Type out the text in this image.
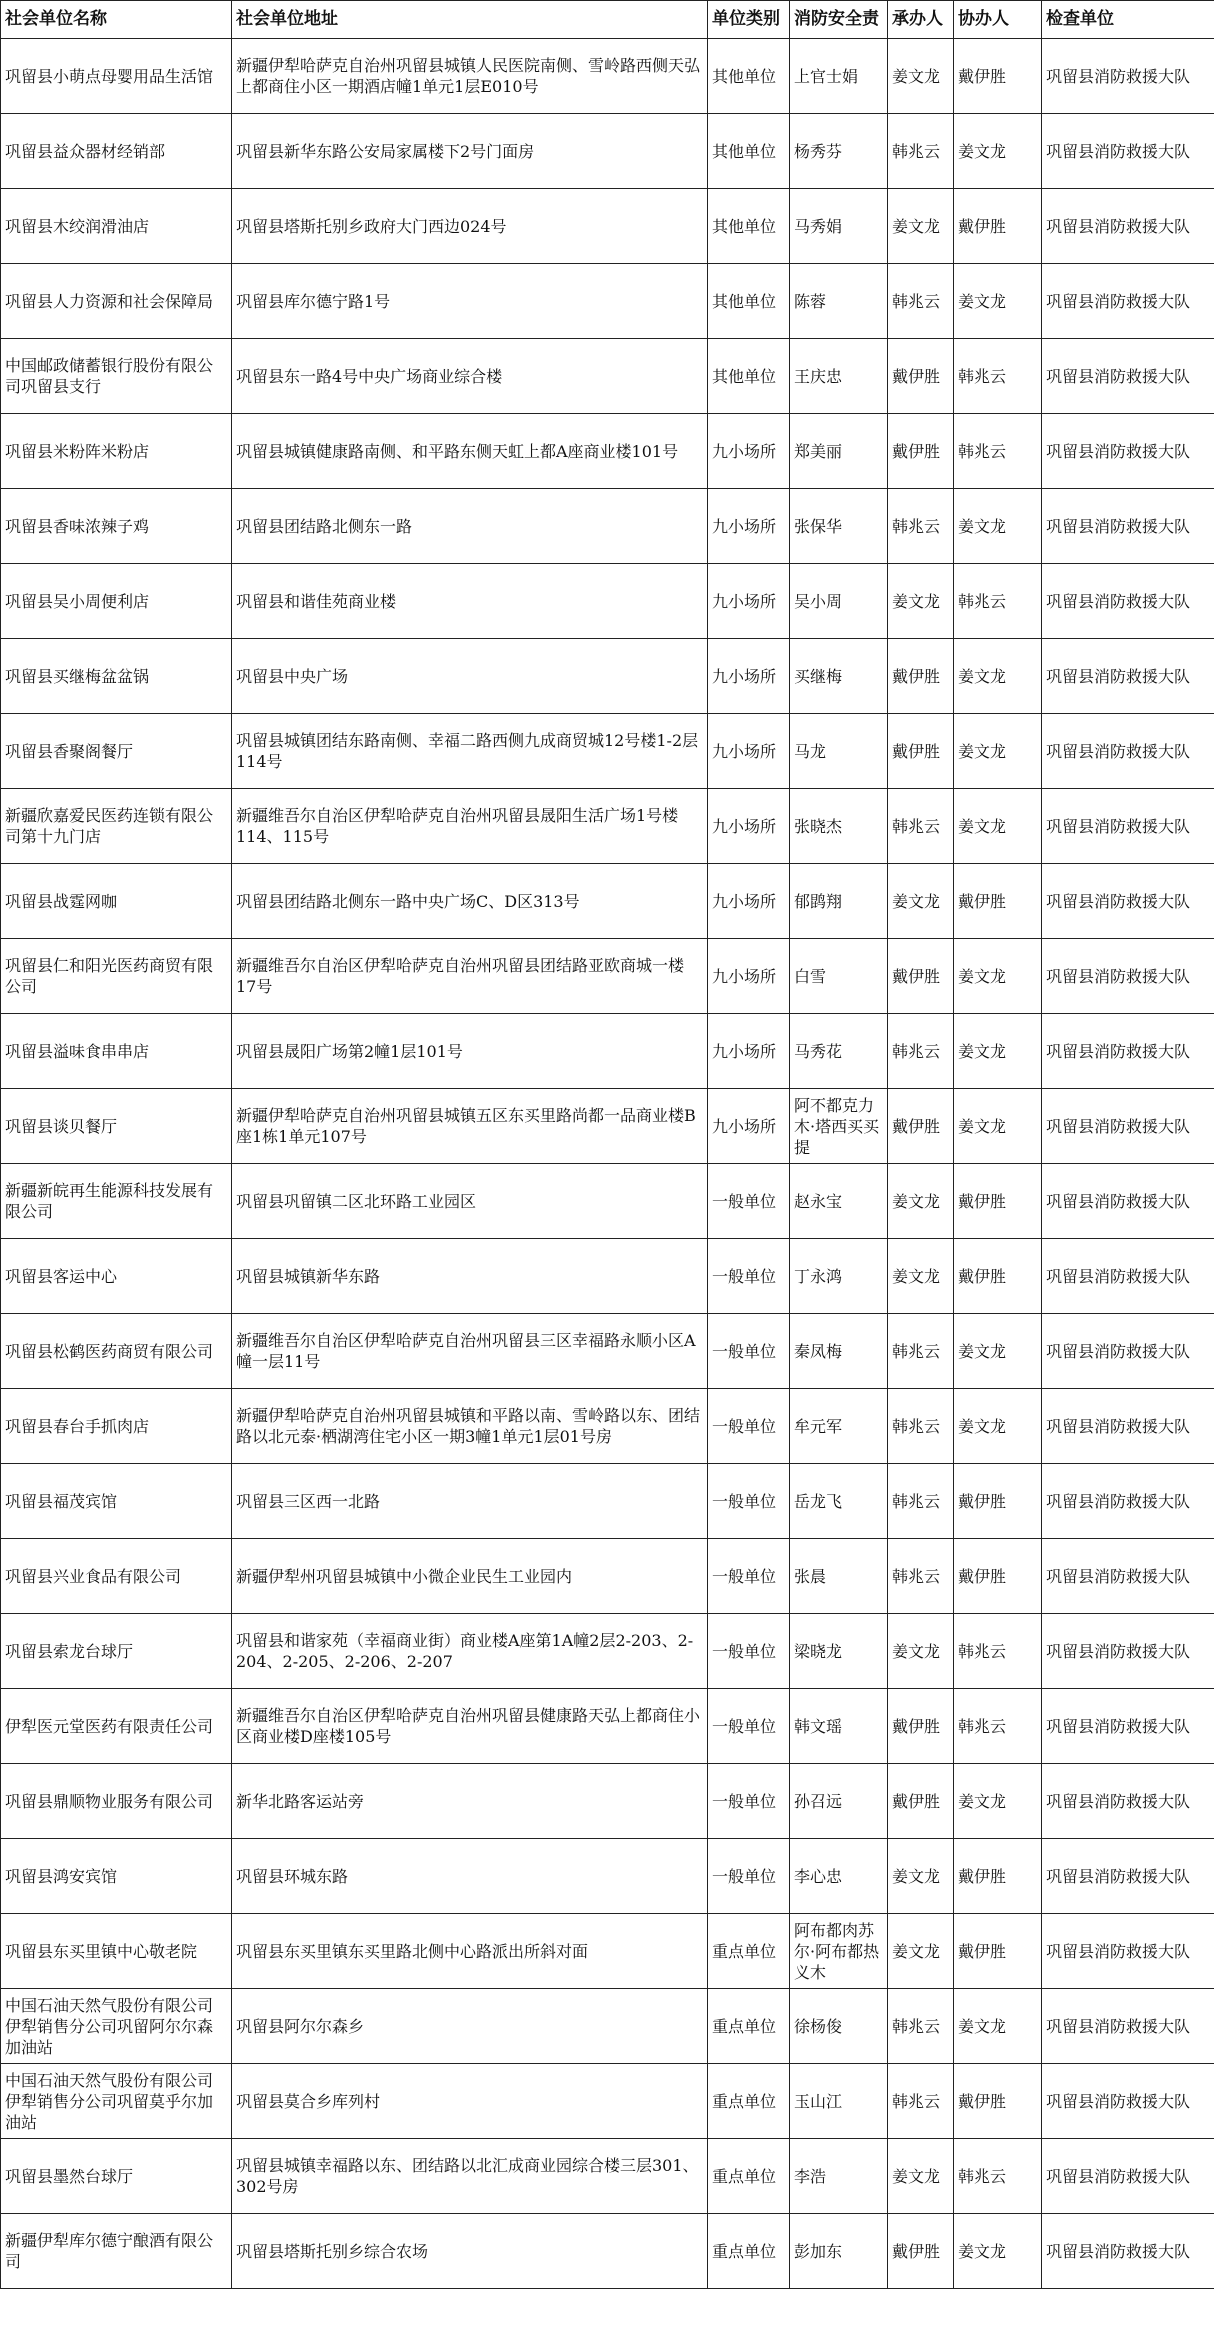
社会单位名称	社会单位地址	单位类别	消防安全责	承办人	协办人	检查单位
巩留县小萌点母婴用品生活馆	新疆伊犁哈萨克自治州巩留县城镇人民医院南侧、雪岭路西侧天弘上都商住小区一期酒店幢1单元1层E010号	其他单位	上官士娟	姜文龙	戴伊胜	巩留县消防救援大队
巩留县益众器材经销部	巩留县新华东路公安局家属楼下2号门面房	其他单位	杨秀芬	韩兆云	姜文龙	巩留县消防救援大队
巩留县木绞润滑油店	巩留县塔斯托别乡政府大门西边024号	其他单位	马秀娟	姜文龙	戴伊胜	巩留县消防救援大队
巩留县人力资源和社会保障局	巩留县库尔德宁路1号	其他单位	陈蓉	韩兆云	姜文龙	巩留县消防救援大队
中国邮政储蓄银行股份有限公司巩留县支行	巩留县东一路4号中央广场商业综合楼	其他单位	王庆忠	戴伊胜	韩兆云	巩留县消防救援大队
巩留县米粉阵米粉店	巩留县城镇健康路南侧、和平路东侧天虹上都A座商业楼101号	九小场所	郑美丽	戴伊胜	韩兆云	巩留县消防救援大队
巩留县香味浓辣子鸡	巩留县团结路北侧东一路	九小场所	张保华	韩兆云	姜文龙	巩留县消防救援大队
巩留县吴小周便利店	巩留县和谐佳苑商业楼	九小场所	吴小周	姜文龙	韩兆云	巩留县消防救援大队
巩留县买继梅盆盆锅	巩留县中央广场	九小场所	买继梅	戴伊胜	姜文龙	巩留县消防救援大队
巩留县香聚阁餐厅	巩留县城镇团结东路南侧、幸福二路西侧九成商贸城12号楼1-2层114号	九小场所	马龙	戴伊胜	姜文龙	巩留县消防救援大队
新疆欣嘉爱民医药连锁有限公司第十九门店	新疆维吾尔自治区伊犁哈萨克自治州巩留县晟阳生活广场1号楼114、115号	九小场所	张晓杰	韩兆云	姜文龙	巩留县消防救援大队
巩留县战霆网咖	巩留县团结路北侧东一路中央广场C、D区313号	九小场所	郁鹍翔	姜文龙	戴伊胜	巩留县消防救援大队
巩留县仁和阳光医药商贸有限公司	新疆维吾尔自治区伊犁哈萨克自治州巩留县团结路亚欧商城一楼17号	九小场所	白雪	戴伊胜	姜文龙	巩留县消防救援大队
巩留县溢味食串串店	巩留县晟阳广场第2幢1层101号	九小场所	马秀花	韩兆云	姜文龙	巩留县消防救援大队
巩留县谈贝餐厅	新疆伊犁哈萨克自治州巩留县城镇五区东买里路尚都一品商业楼B座1栋1单元107号	九小场所	阿不都克力木·塔西买买提	戴伊胜	姜文龙	巩留县消防救援大队
新疆新皖再生能源科技发展有限公司	巩留县巩留镇二区北环路工业园区	一般单位	赵永宝	姜文龙	戴伊胜	巩留县消防救援大队
巩留县客运中心	巩留县城镇新华东路	一般单位	丁永鸿	姜文龙	戴伊胜	巩留县消防救援大队
巩留县松鹤医药商贸有限公司	新疆维吾尔自治区伊犁哈萨克自治州巩留县三区幸福路永顺小区A幢一层11号	一般单位	秦凤梅	韩兆云	姜文龙	巩留县消防救援大队
巩留县春台手抓肉店	新疆伊犁哈萨克自治州巩留县城镇和平路以南、雪岭路以东、团结路以北元泰·栖湖湾住宅小区一期3幢1单元1层01号房	一般单位	牟元军	韩兆云	姜文龙	巩留县消防救援大队
巩留县福茂宾馆	巩留县三区西一北路	一般单位	岳龙飞	韩兆云	戴伊胜	巩留县消防救援大队
巩留县兴业食品有限公司	新疆伊犁州巩留县城镇中小微企业民生工业园内	一般单位	张晨	韩兆云	戴伊胜	巩留县消防救援大队
巩留县索龙台球厅	巩留县和谐家苑（幸福商业街）商业楼A座第1A幢2层2-203、2-204、2-205、2-206、2-207	一般单位	梁晓龙	姜文龙	韩兆云	巩留县消防救援大队
伊犁医元堂医药有限责任公司	新疆维吾尔自治区伊犁哈萨克自治州巩留县健康路天弘上都商住小区商业楼D座楼105号	一般单位	韩文瑶	戴伊胜	韩兆云	巩留县消防救援大队
巩留县鼎顺物业服务有限公司	新华北路客运站旁	一般单位	孙召远	戴伊胜	姜文龙	巩留县消防救援大队
巩留县鸿安宾馆	巩留县环城东路	一般单位	李心忠	姜文龙	戴伊胜	巩留县消防救援大队
巩留县东买里镇中心敬老院	巩留县东买里镇东买里路北侧中心路派出所斜对面	重点单位	阿布都肉苏尔·阿布都热义木	姜文龙	戴伊胜	巩留县消防救援大队
中国石油天然气股份有限公司伊犁销售分公司巩留阿尔尔森加油站	巩留县阿尔尔森乡	重点单位	徐杨俊	韩兆云	姜文龙	巩留县消防救援大队
中国石油天然气股份有限公司伊犁销售分公司巩留莫乎尔加油站	巩留县莫合乡库列村	重点单位	玉山江	韩兆云	戴伊胜	巩留县消防救援大队
巩留县墨然台球厅	巩留县城镇幸福路以东、团结路以北汇成商业园综合楼三层301、302号房	重点单位	李浩	姜文龙	韩兆云	巩留县消防救援大队
新疆伊犁库尔德宁酿酒有限公司	巩留县塔斯托别乡综合农场	重点单位	彭加东	戴伊胜	姜文龙	巩留县消防救援大队
